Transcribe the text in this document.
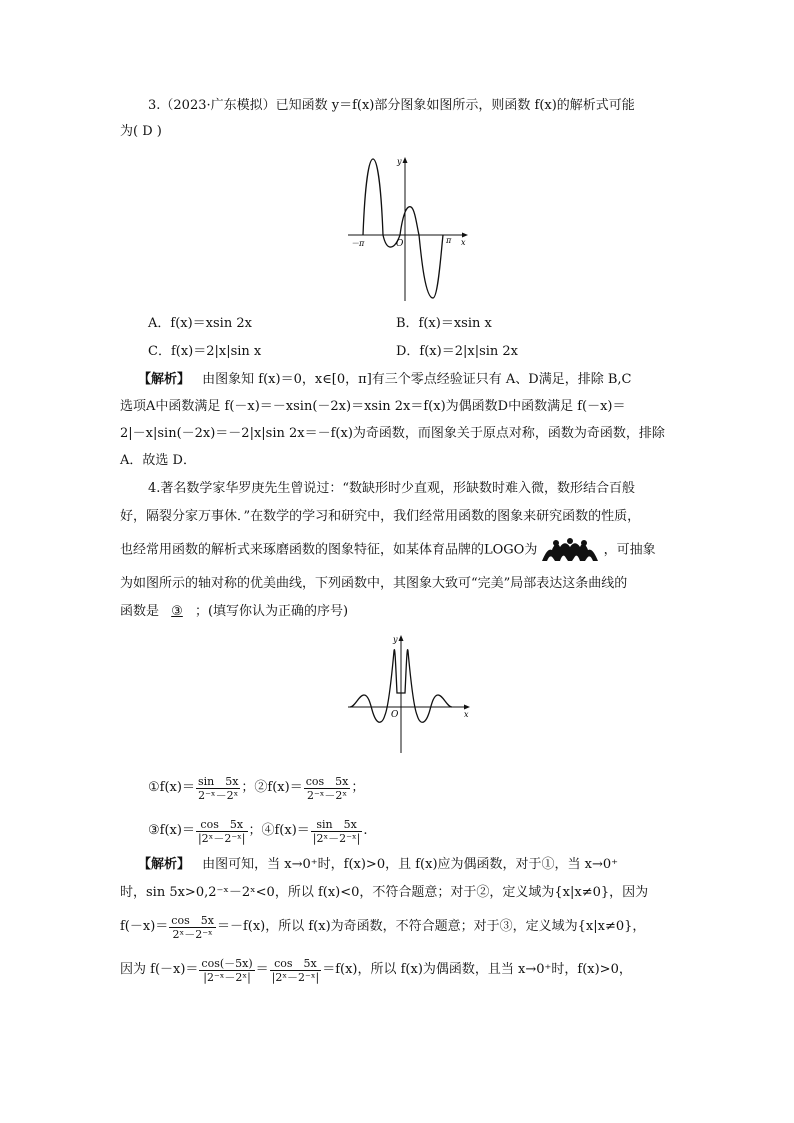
3.（2023·广东模拟）已知函数 y＝f(x)部分图象如图所示，则函数 f(x)的解析式可能
为( D )
y
x
O
－π	π
A．f(x)＝xsin 2x	B．f(x)＝xsin x
C．f(x)＝2|x|sin x	D．f(x)＝2|x|sin 2x
【解析】 由图象知 f(x)＝0，x∈[0，π]有三个零点经验证只有 A、D满足，排除 B,C
选项A中函数满足 f(－x)＝－xsin(－2x)＝xsin 2x＝f(x)为偶函数D中函数满足 f(－x)＝
2|－x|sin(－2x)＝－2|x|sin 2x＝－f(x)为奇函数，而图象关于原点对称，函数为奇函数，排除
A．故选 D．
4.著名数学家华罗庚先生曾说过：“数缺形时少直观，形缺数时难入微，数形结合百般
好，隔裂分家万事休．”在数学的学习和研究中，我们经常用函数的图象来研究函数的性质，
也经常用函数的解析式来琢磨函数的图象特征，如某体育品牌的LOGO为	，可抽象
为如图所示的轴对称的优美曲线，下列函数中，其图象大致可“完美”局部表达这条曲线的
函数是 ③ ；(填写你认为正确的序号)
y
x
O
①f(x)＝ $\frac{\sin 5x}{\text{2⁻ˣ－2ˣ}}$ ；②f(x)＝ $\frac{\cos 5x}{\text{2⁻ˣ－2ˣ}}$ ；
③f(x)＝ $\frac{\cos 5x}{\text{|2ˣ－2⁻ˣ|}}$ ；④f(x)＝ $\frac{\sin 5x}{\text{|2ˣ－2⁻ˣ|}}$ .
【解析】 由图可知，当 x→0⁺时，f(x)>0，且 f(x)应为偶函数，对于①，当 x→0⁺
时，sin 5x>0,2⁻ˣ－2ˣ<0，所以 f(x)<0，不符合题意；对于②，定义域为{x|x≠0}，因为
$f(-x)= \frac{\cos 5x}{\text{2ˣ－2⁻ˣ}} =-f(x)$，所以 f(x)为奇函数，不符合题意；对于③，定义域为{x|x≠0}，
因为 $f(-x)= \frac{\cos(-5x)}{\text{|2⁻ˣ－2ˣ|}} = \frac{\cos 5x}{\text{|2ˣ－2⁻ˣ|}} =f(x)$，所以 f(x)为偶函数，且当 x→0⁺时，f(x)>0，
